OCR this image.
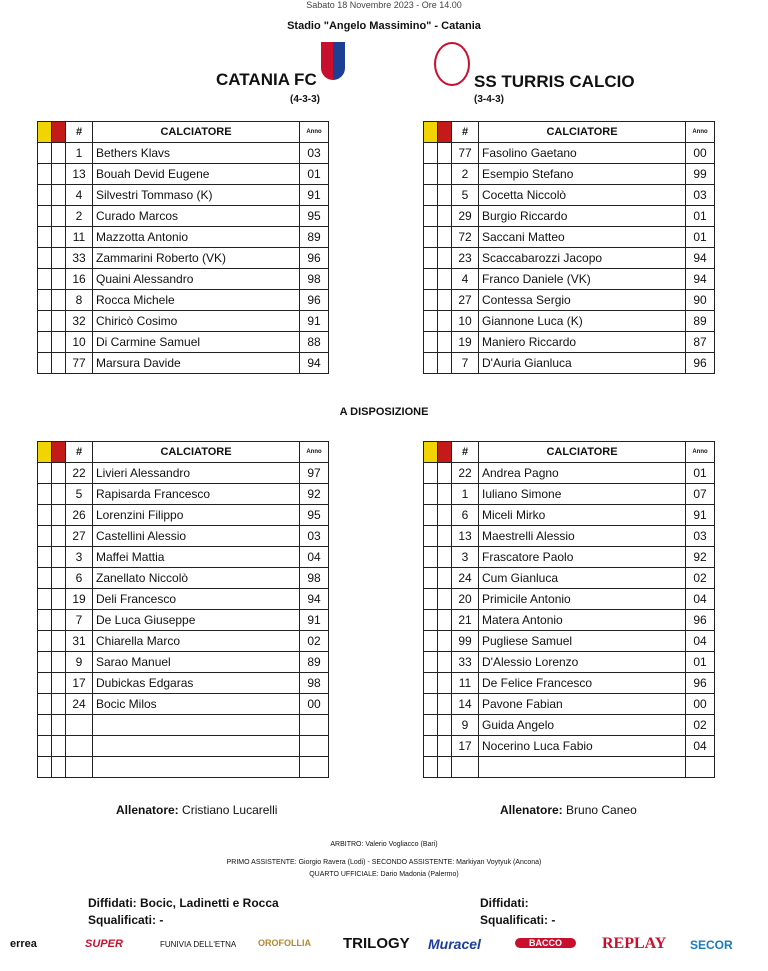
Sabato 18 Novembre 2023 - Ore 14.00
Stadio "Angelo Massimino" - Catania
CATANIA FC
(4-3-3)
SS TURRIS CALCIO
(3-4-3)
		#	CALCIATORE	Anno
		1	Bethers Klavs	03
		13	Bouah Devid Eugene	01
		4	Silvestri Tommaso (K)	91
		2	Curado Marcos	95
		11	Mazzotta Antonio	89
		33	Zammarini Roberto (VK)	96
		16	Quaini Alessandro	98
		8	Rocca Michele	96
		32	Chiricò Cosimo	91
		10	Di Carmine Samuel	88
		77	Marsura Davide	94
		#	CALCIATORE	Anno
		77	Fasolino Gaetano	00
		2	Esempio Stefano	99
		5	Cocetta Niccolò	03
		29	Burgio Riccardo	01
		72	Saccani Matteo	01
		23	Scaccabarozzi Jacopo	94
		4	Franco Daniele (VK)	94
		27	Contessa Sergio	90
		10	Giannone Luca (K)	89
		19	Maniero Riccardo	87
		7	D'Auria Gianluca	96
A DISPOSIZIONE
		#	CALCIATORE	Anno
		22	Livieri Alessandro	97
		5	Rapisarda Francesco	92
		26	Lorenzini Filippo	95
		27	Castellini Alessio	03
		3	Maffei Mattia	04
		6	Zanellato Niccolò	98
		19	Deli Francesco	94
		7	De Luca Giuseppe	91
		31	Chiarella Marco	02
		9	Sarao Manuel	89
		17	Dubickas Edgaras	98
		24	Bocic Milos	00

		#	CALCIATORE	Anno
		22	Andrea Pagno	01
		1	Iuliano Simone	07
		6	Miceli Mirko	91
		13	Maestrelli Alessio	03
		3	Frascatore Paolo	92
		24	Cum Gianluca	02
		20	Primicile Antonio	04
		21	Matera Antonio	96
		99	Pugliese Samuel	04
		33	D'Alessio Lorenzo	01
		11	De Felice Francesco	96
		14	Pavone Fabian	00
		9	Guida Angelo	02
		17	Nocerino Luca Fabio	04

Allenatore: Cristiano Lucarelli	Allenatore: Bruno Caneo
ARBITRO: Valerio Vogliacco (Bari)
PRIMO ASSISTENTE: Giorgio Ravera (Lodi) - SECONDO ASSISTENTE: Markiyan Voytyuk (Ancona)
QUARTO UFFICIALE: Dario Madonia (Palermo)
Diffidati: Bocic, Ladinetti e Rocca
Squalificati: -
Diffidati:
Squalificati: -
errea	SUPER	FUNIVIA DELL'ETNA OROFOLLIA TRILOGY Muracel	BACCO	REPLAY SECOR
